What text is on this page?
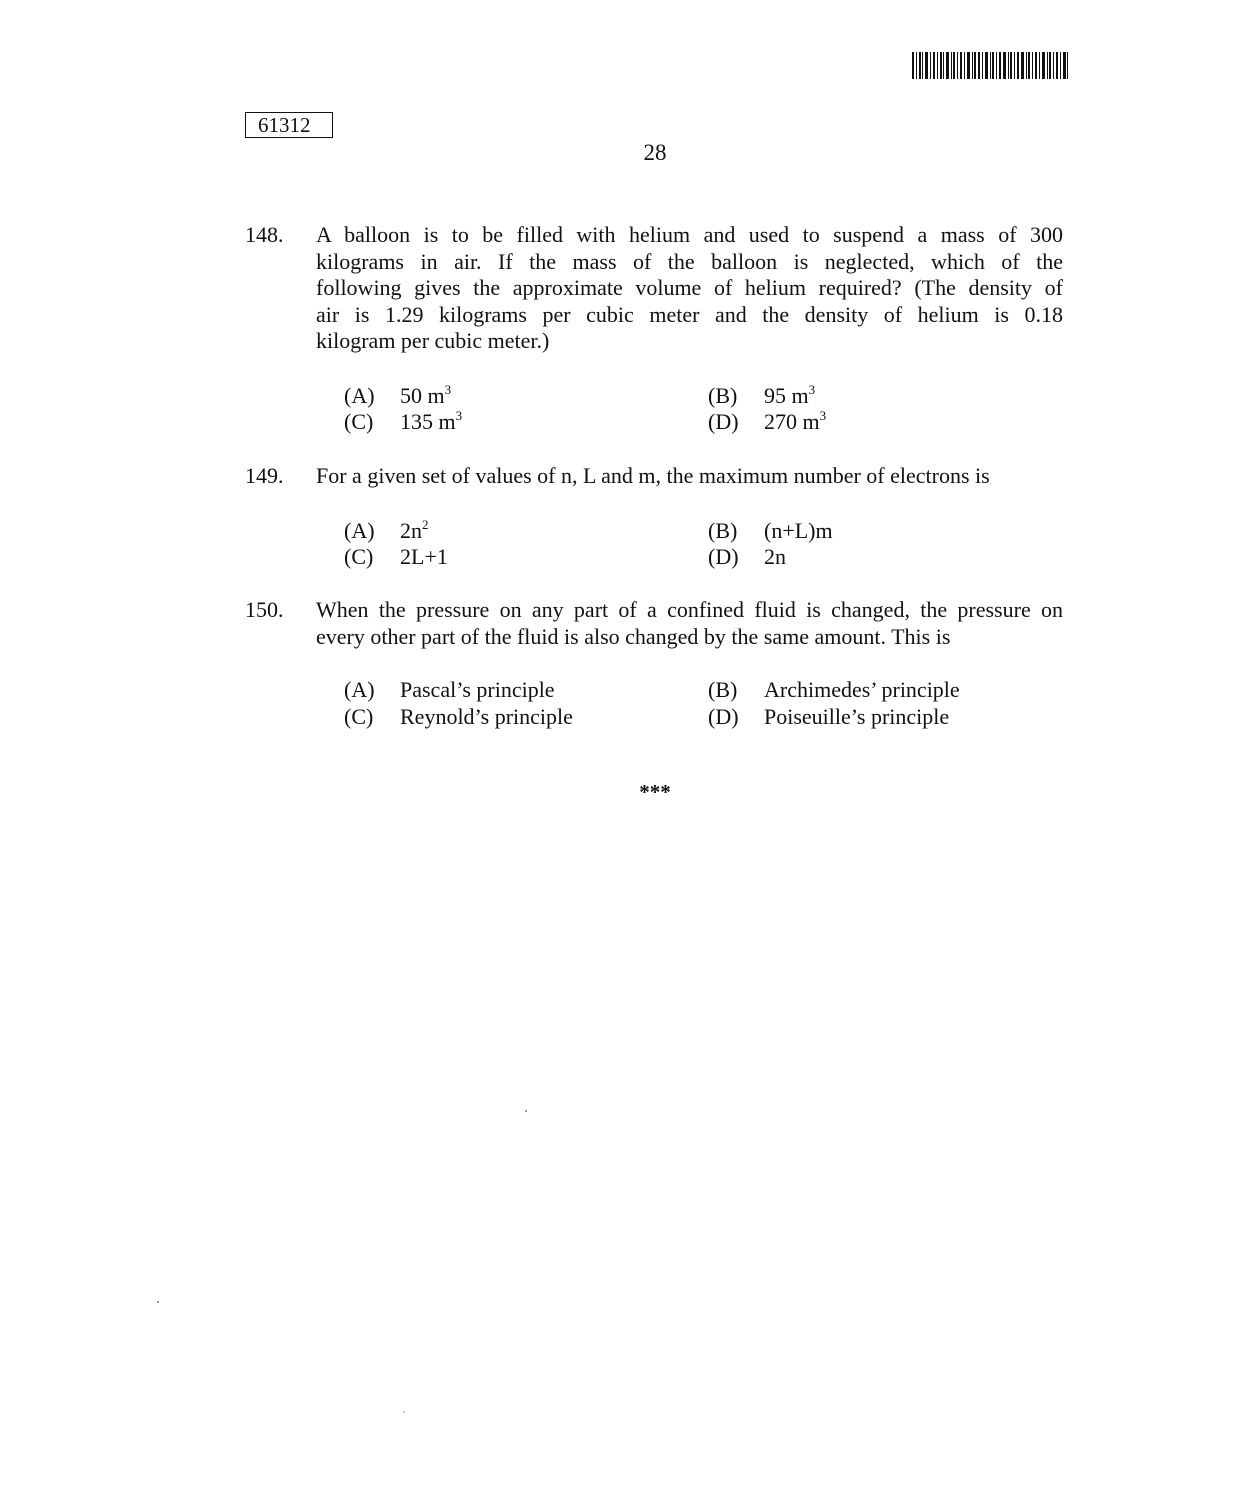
61312
28
148. A balloon is to be filled with helium and used to suspend a mass of 300
kilograms in air. If the mass of the balloon is neglected, which of the
following gives the approximate volume of helium required? (The density of
air is 1.29 kilograms per cubic meter and the density of helium is 0.18
kilogram per cubic meter.)
(A) 50 $m^3$	(B) 95 $m^3$
(C) 135 $m^3$	(D) 270 $m^3$
149. For a given set of values of n, L and m, the maximum number of electrons is
(A) $2n^2$	(B) (n+L)m
(C) 2L+1	(D) 2n
150. When the pressure on any part of a confined fluid is changed, the pressure on
every other part of the fluid is also changed by the same amount. This is
(A) Pascal’s principle	(B) Archimedes’ principle
(C) Reynold’s principle	(D) Poiseuille’s principle
***
